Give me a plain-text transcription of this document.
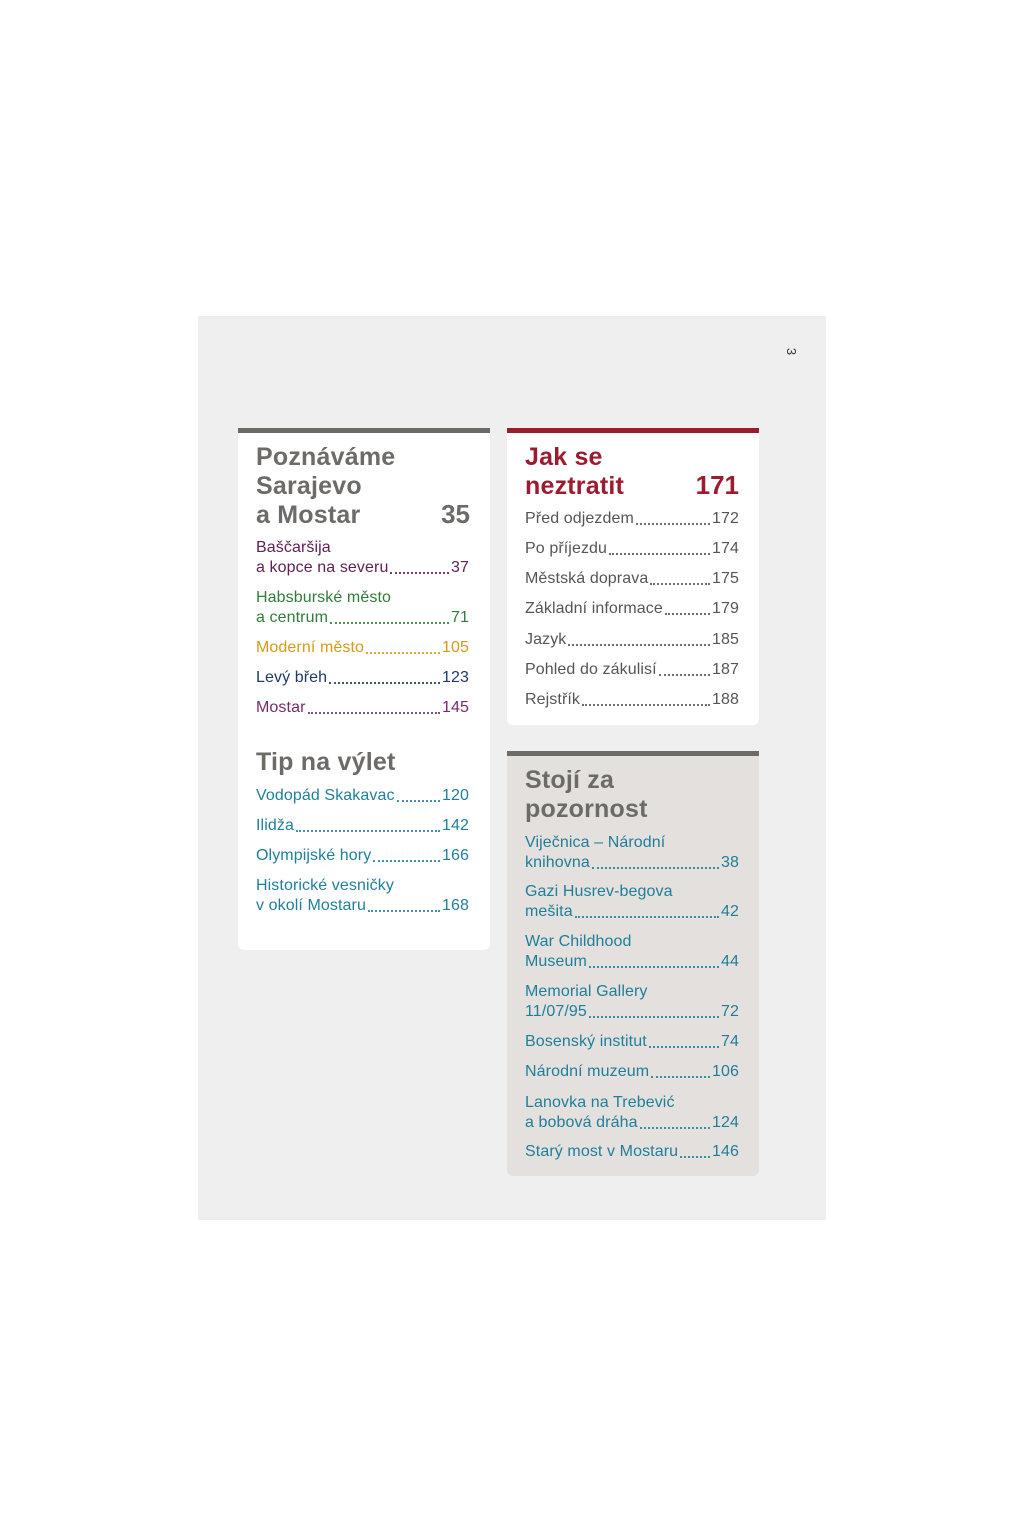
3
Poznáváme
Sarajevo
a Mostar	35
Baščaršija
a kopce na severu	37
Habsburské město
a centrum	71
Moderní město	105
Levý břeh	123
Mostar	145
Tip na výlet
Vodopád Skakavac	120
Ilidža	142
Olympijské hory	166
Historické vesničky
v okolí Mostaru	168
Jak se
neztratit	171
Před odjezdem	172
Po příjezdu	174
Městská doprava	175
Základní informace	179
Jazyk	185
Pohled do zákulisí	187
Rejstřík	188
Stojí za
pozornost
Viječnica – Národní
knihovna	38
Gazi Husrev-begova
mešita	42
War Childhood
Museum	44
Memorial Gallery
11/07/95	72
Bosenský institut	74
Národní muzeum	106
Lanovka na Trebević
a bobová dráha	124
Starý most v Mostaru 146
